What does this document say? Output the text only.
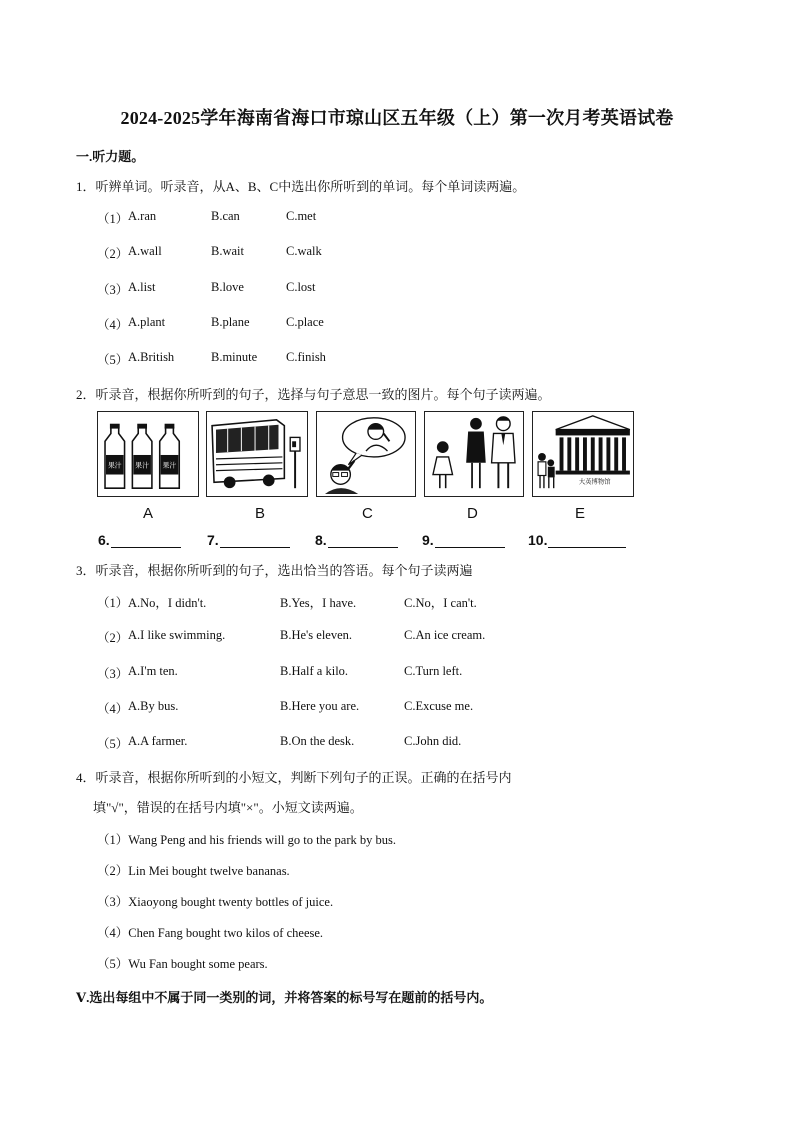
2024-2025学年海南省海口市琼山区五年级（上）第一次月考英语试卷
一.听力题。
1．听辨单词。听录音，从A、B、C中选出你所听到的单词。每个单词读两遍。
（1） A.ran	B.can	C.met
（2） A.wall	B.wait	C.walk
（3） A.list	B.love	C.lost
（4） A.plant	B.plane	C.place
（5） A.British	B.minute C.finish
2．听录音，根据你所听到的句子，选择与句子意思一致的图片。每个句子读两遍。
果汁 果汁 果汁
大英博物馆
A	B	C	D	E
6.	7.	8.	9.	10.
3．听录音，根据你所听到的句子，选出恰当的答语。每个句子读两遍
（1） A.No，I didn't.	B.Yes，I have.	C.No，I can't.
（2） A.I like swimming.	B.He's eleven.	C.An ice cream.
（3） A.I'm ten.	B.Half a kilo.	C.Turn left.
（4） A.By bus.	B.Here you are.	C.Excuse me.
（5） A.A farmer.	B.On the desk.	C.John did.
4．听录音，根据你所听到的小短文，判断下列句子的正误。正确的在括号内
填"√"，错误的在括号内填"×"。小短文读两遍。
（1）Wang Peng and his friends will go to the park by bus.
（2）Lin Mei bought twelve bananas.
（3）Xiaoyong bought twenty bottles of juice.
（4）Chen Fang bought two kilos of cheese.
（5）Wu Fan bought some pears.
Ⅴ.选出每组中不属于同一类别的词，并将答案的标号写在题前的括号内。
